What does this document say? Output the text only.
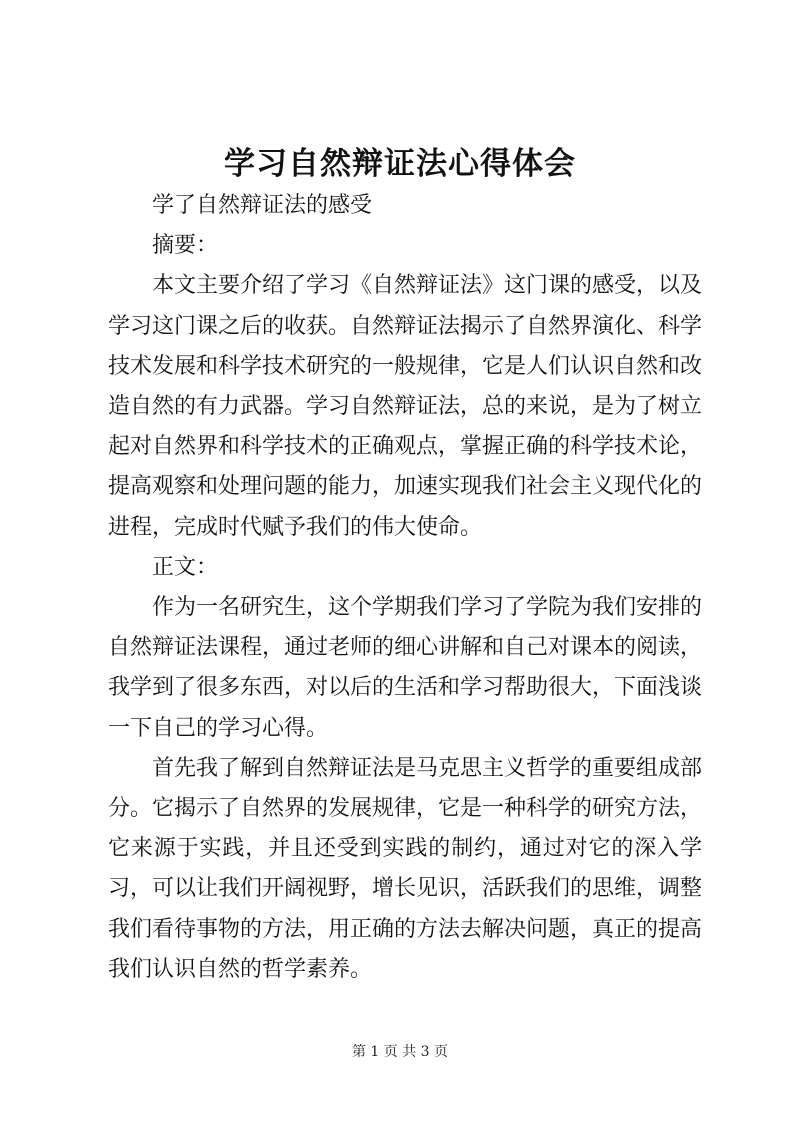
学习自然辩证法心得体会

学了自然辩证法的感受

摘要：

本文主要介绍了学习《自然辩证法》这门课的感受，以及学习这门课之后的收获。自然辩证法揭示了自然界演化、科学技术发展和科学技术研究的一般规律，它是人们认识自然和改造自然的有力武器。学习自然辩证法，总的来说，是为了树立起对自然界和科学技术的正确观点，掌握正确的科学技术论，提高观察和处理问题的能力，加速实现我们社会主义现代化的进程，完成时代赋予我们的伟大使命。

正文：

作为一名研究生，这个学期我们学习了学院为我们安排的自然辩证法课程，通过老师的细心讲解和自己对课本的阅读，我学到了很多东西，对以后的生活和学习帮助很大，下面浅谈一下自己的学习心得。

首先我了解到自然辩证法是马克思主义哲学的重要组成部分。它揭示了自然界的发展规律，它是一种科学的研究方法，它来源于实践，并且还受到实践的制约，通过对它的深入学习，可以让我们开阔视野，增长见识，活跃我们的思维，调整我们看待事物的方法，用正确的方法去解决问题，真正的提高我们认识自然的哲学素养。

第 1 页 共 3 页
